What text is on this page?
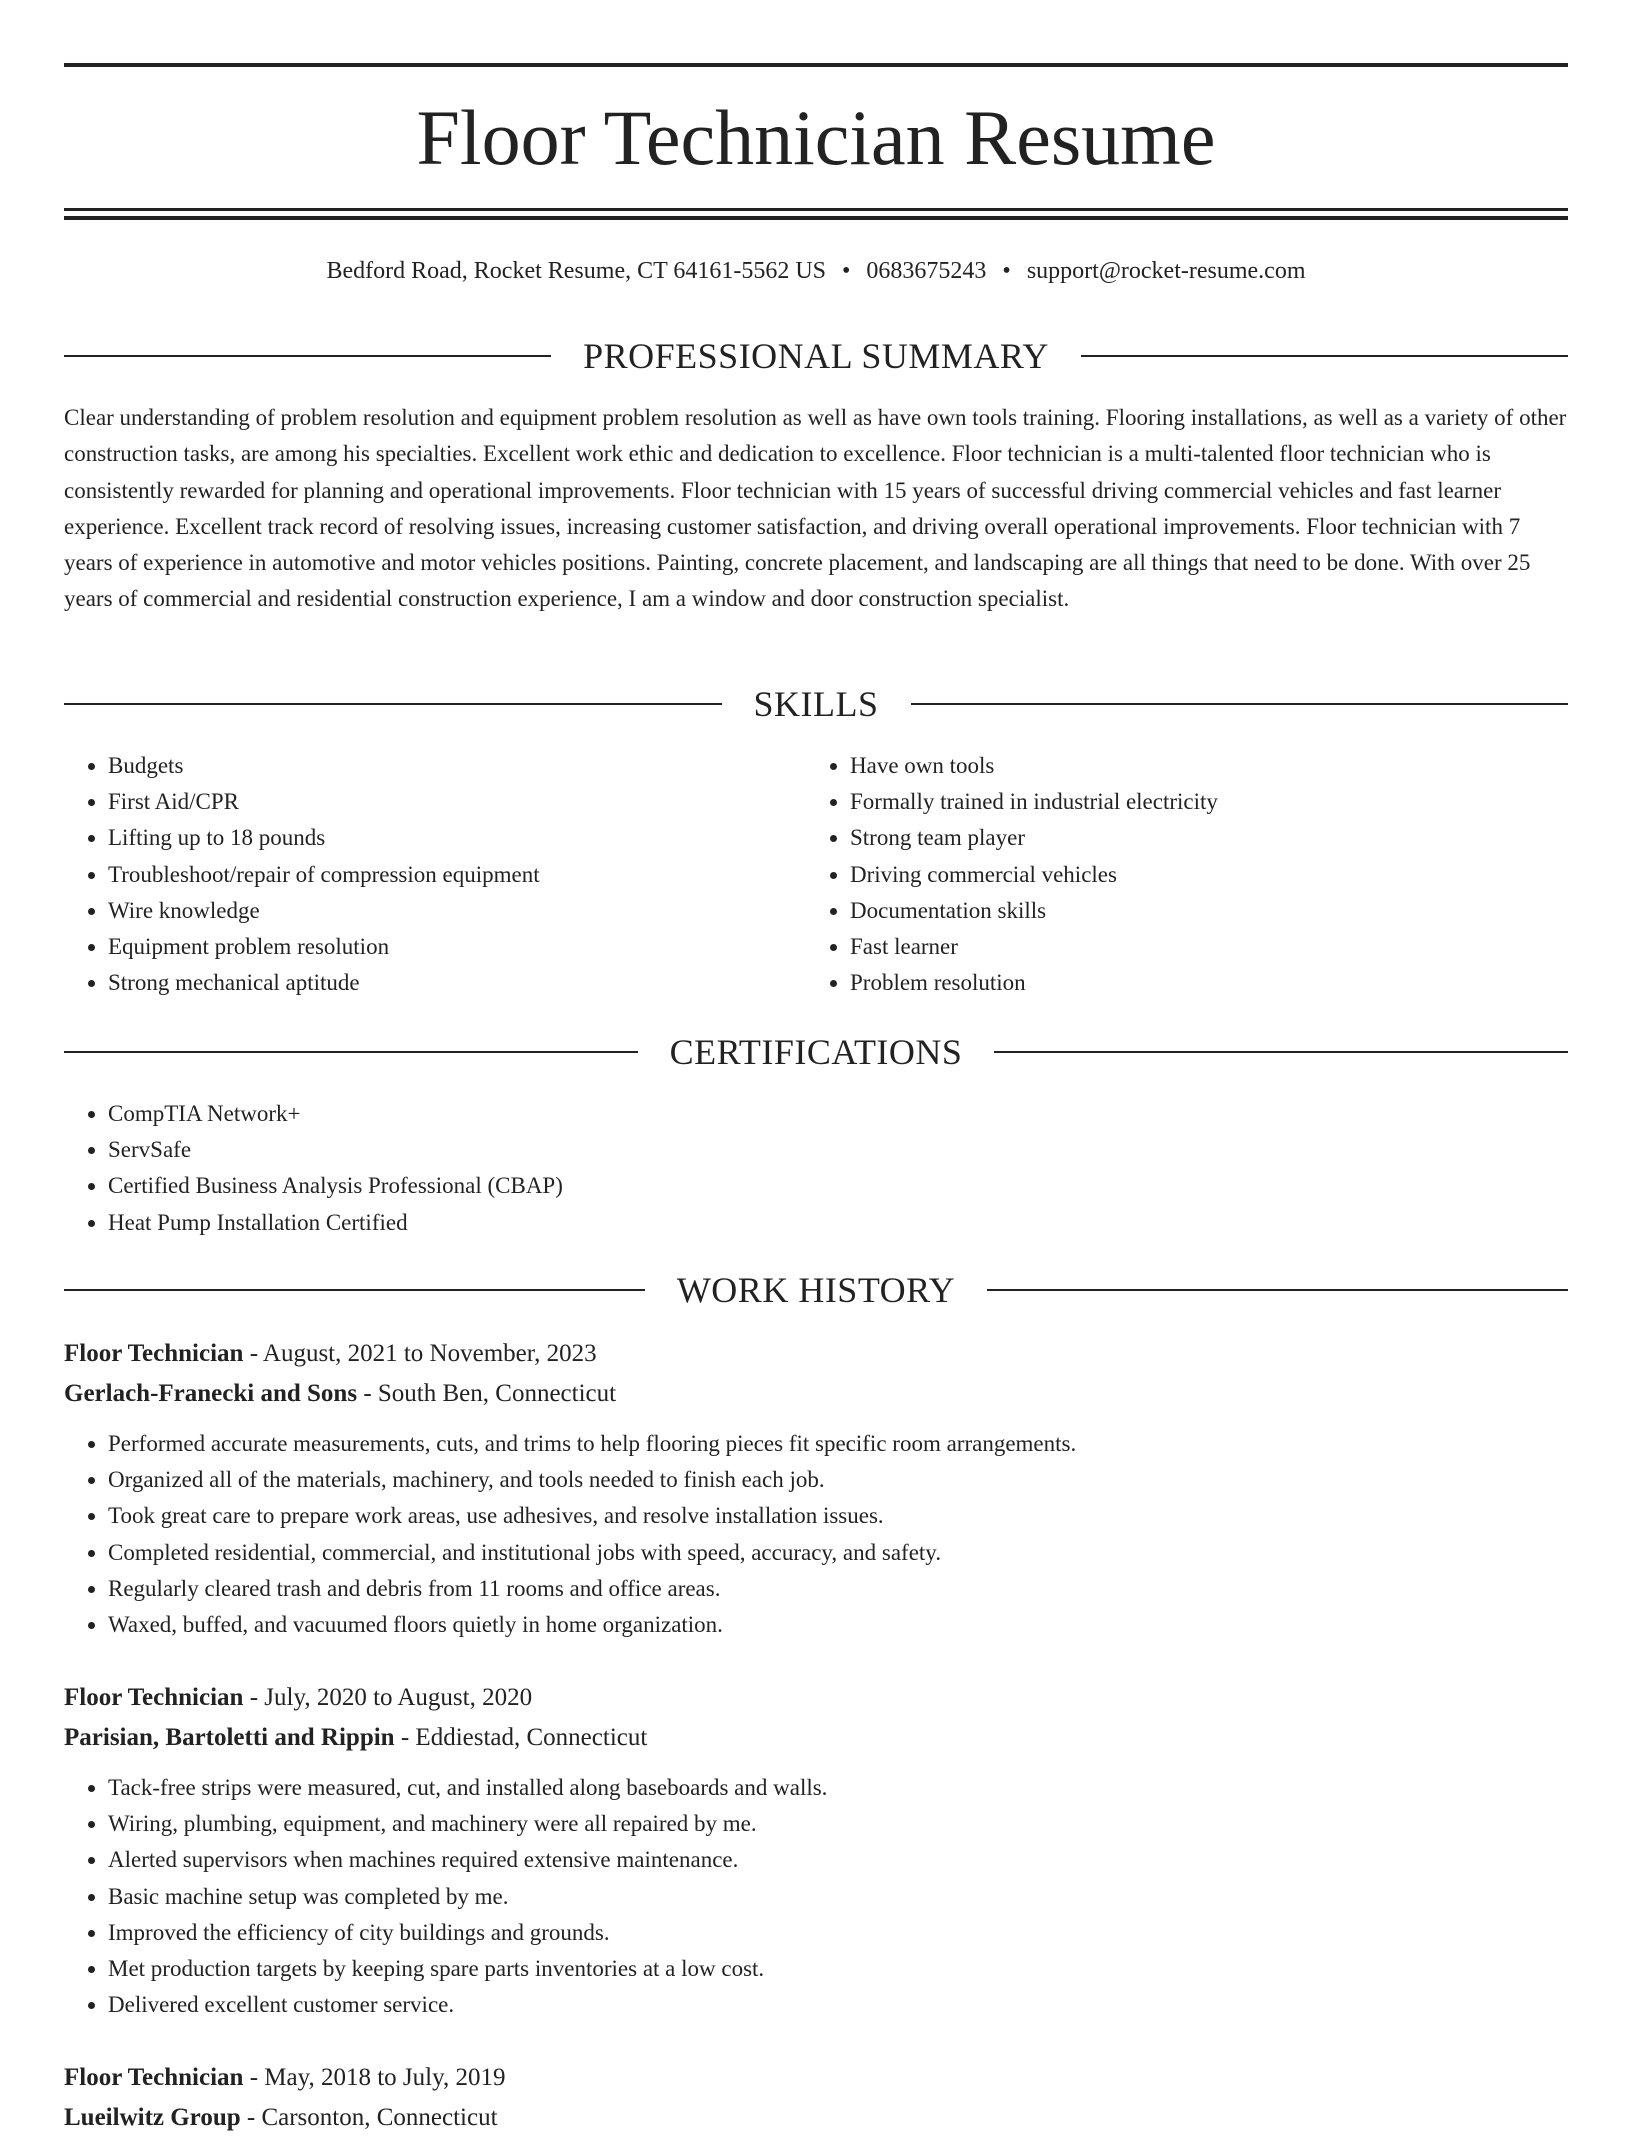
Floor Technician Resume
Bedford Road, Rocket Resume, CT 64161-5562 US • 0683675243 • support@rocket-resume.com
PROFESSIONAL SUMMARY

Clear understanding of problem resolution and equipment problem resolution as well as have own tools training. Flooring installations, as well as a variety of other construction tasks, are among his specialties. Excellent work ethic and dedication to excellence. Floor technician is a multi-talented floor technician who is consistently rewarded for planning and operational improvements. Floor technician with 15 years of successful driving commercial vehicles and fast learner experience. Excellent track record of resolving issues, increasing customer satisfaction, and driving overall operational improvements. Floor technician with 7 years of experience in automotive and motor vehicles positions. Painting, concrete placement, and landscaping are all things that need to be done. With over 25 years of commercial and residential construction experience, I am a window and door construction specialist.

SKILLS
• Budgets
• First Aid/CPR
• Lifting up to 18 pounds
• Troubleshoot/repair of compression equipment
• Wire knowledge
• Equipment problem resolution
• Strong mechanical aptitude
• Have own tools
• Formally trained in industrial electricity
• Strong team player
• Driving commercial vehicles
• Documentation skills
• Fast learner
• Problem resolution
CERTIFICATIONS
• CompTIA Network+
• ServSafe
• Certified Business Analysis Professional (CBAP)
• Heat Pump Installation Certified
WORK HISTORY
Floor Technician - August, 2021 to November, 2023
Gerlach-Franecki and Sons - South Ben, Connecticut
• Performed accurate measurements, cuts, and trims to help flooring pieces fit specific room arrangements.
• Organized all of the materials, machinery, and tools needed to finish each job.
• Took great care to prepare work areas, use adhesives, and resolve installation issues.
• Completed residential, commercial, and institutional jobs with speed, accuracy, and safety.
• Regularly cleared trash and debris from 11 rooms and office areas.
• Waxed, buffed, and vacuumed floors quietly in home organization.
Floor Technician - July, 2020 to August, 2020
Parisian, Bartoletti and Rippin - Eddiestad, Connecticut
• Tack-free strips were measured, cut, and installed along baseboards and walls.
• Wiring, plumbing, equipment, and machinery were all repaired by me.
• Alerted supervisors when machines required extensive maintenance.
• Basic machine setup was completed by me.
• Improved the efficiency of city buildings and grounds.
• Met production targets by keeping spare parts inventories at a low cost.
• Delivered excellent customer service.
Floor Technician - May, 2018 to July, 2019
Lueilwitz Group - Carsonton, Connecticut
